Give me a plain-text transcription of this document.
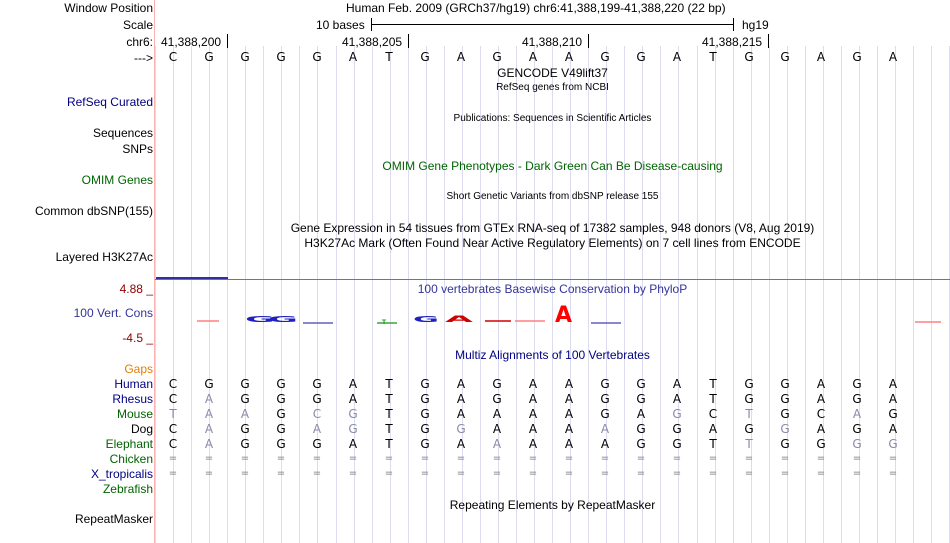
Window Position
Scale
chr6:
--->
RefSeq Curated
Sequences
SNPs
OMIM Genes
Common dbSNP(155)
Layered H3K27Ac
4.88 _
100 Vert. Cons
-4.5 _
Gaps
Human
Rhesus
Mouse
Dog
Elephant
Chicken
X_tropicalis
Zebrafish
RepeatMasker
Human Feb. 2009 (GRCh37/hg19) chr6:41,388,199-41,388,220 (22 bp)
10 bases	hg19
41,388,200	41,388,205	41,388,210	41,388,215
C	G	G	G	G	A	T	G	A	G	A	A	G	G	A	T	G	G	A	G	A
GENCODE V49lift37
RefSeq genes from NCBI
Publications: Sequences in Scientific Articles
OMIM Gene Phenotypes - Dark Green Can Be Disease-causing
Short Genetic Variants from dbSNP release 155
Gene Expression in 54 tissues from GTEx RNA-seq of 17382 samples, 948 donors (V8, Aug 2019)
H3K27Ac Mark (Often Found Near Active Regulatory Elements) on 7 cell lines from ENCODE
100 vertebrates Basewise Conservation by PhyloP
G
G	T	G A	A
Multiz Alignments of 100 Vertebrates
C	G	G	G	G	A	T	G	A	G	A	A	G	G	A	T	G	G	A	G	A
C	A	G	G	G	A	T	G	A	G	A	A	G	G	A	T	G	G	A	G	A
T	A	A	G	C	G	T	G	A	A	A	A	G	A	G	C	T	G	C	A	G
C	A	G	G	A	G	T	G	G	A	A	A	A	G	G	A	G	G	A	G	A
C	A	G	G	G	A	T	G	A	A	A	A	A	G	G	T	T	G	G	G	G
=	=	=	=	=	=	=	=	=	=	=	=	=	=	=	=	=	=	=	=	=
=	=	=	=	=	=	=	=	=	=	=	=	=	=	=	=	=	=	=	=	=
Repeating Elements by RepeatMasker
